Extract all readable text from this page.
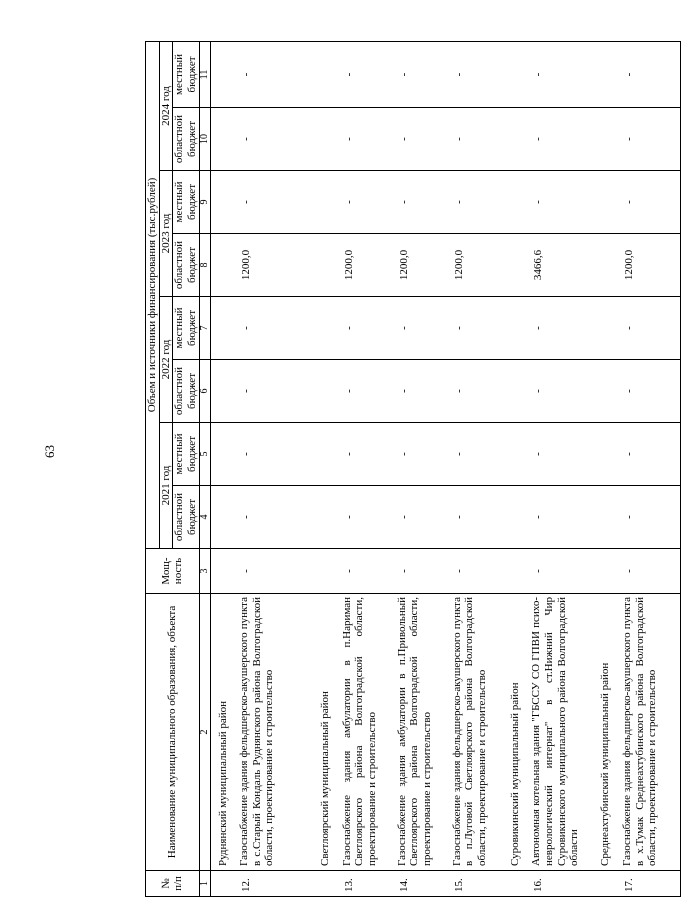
63
№
п/п	Наименование муниципального образования, объекта	Мощ-ность	Объем и источники финансирования (тыс.рублей)							
			2021 год		2022 год		2023 год		2024 год	
			областной бюджет	местный бюджет	областной бюджет	местный бюджет	областной бюджет	местный бюджет	областной бюджет	местный бюджет
1	2	3	4	5	6	7	8	9	10	11
	Руднянский муниципальный район									
12.	Газоснабжение здания фельдшерско-акушерского пункта в с.Старый Кондаль Руднянского района Волгоградской области, проектирование и строительство	-	-	-	-	-	1200,0	-	-	-
	Светлоярский муниципальный район									
13.	Газоснабжение здания амбулатории в п.Нариман Светлоярского района Волгоградской области, проектирование и строительство	-	-	-	-	-	1200,0	-	-	-
14.	Газоснабжение здания амбулатории в п.Привольный Светлоярского района Волгоградской области, проектирование и строительство	-	-	-	-	-	1200,0	-	-	-
15.	Газоснабжение здания фельдшерско-акушерского пункта в п.Луговой Светлоярского района Волгоградской области, проектирование и строительство	-	-	-	-	-	1200,0	-	-	-
	Суровикинский муниципальный район									
16.	Автономная котельная здания "ГБССУ СО ГПВИ психо-неврологический интернат" в ст.Нижний Чир Суровикинского муниципального района Волгоградской области	-	-	-	-	-	3466,6	-	-	-
	Среднеахтубинский муниципальный район									
17.	Газоснабжение здания фельдшерско-акушерского пункта в х.Тумак Среднеахтубинского района Волгоградской области, проектирование и строительство	-	-	-	-	-	1200,0	-	-	-
